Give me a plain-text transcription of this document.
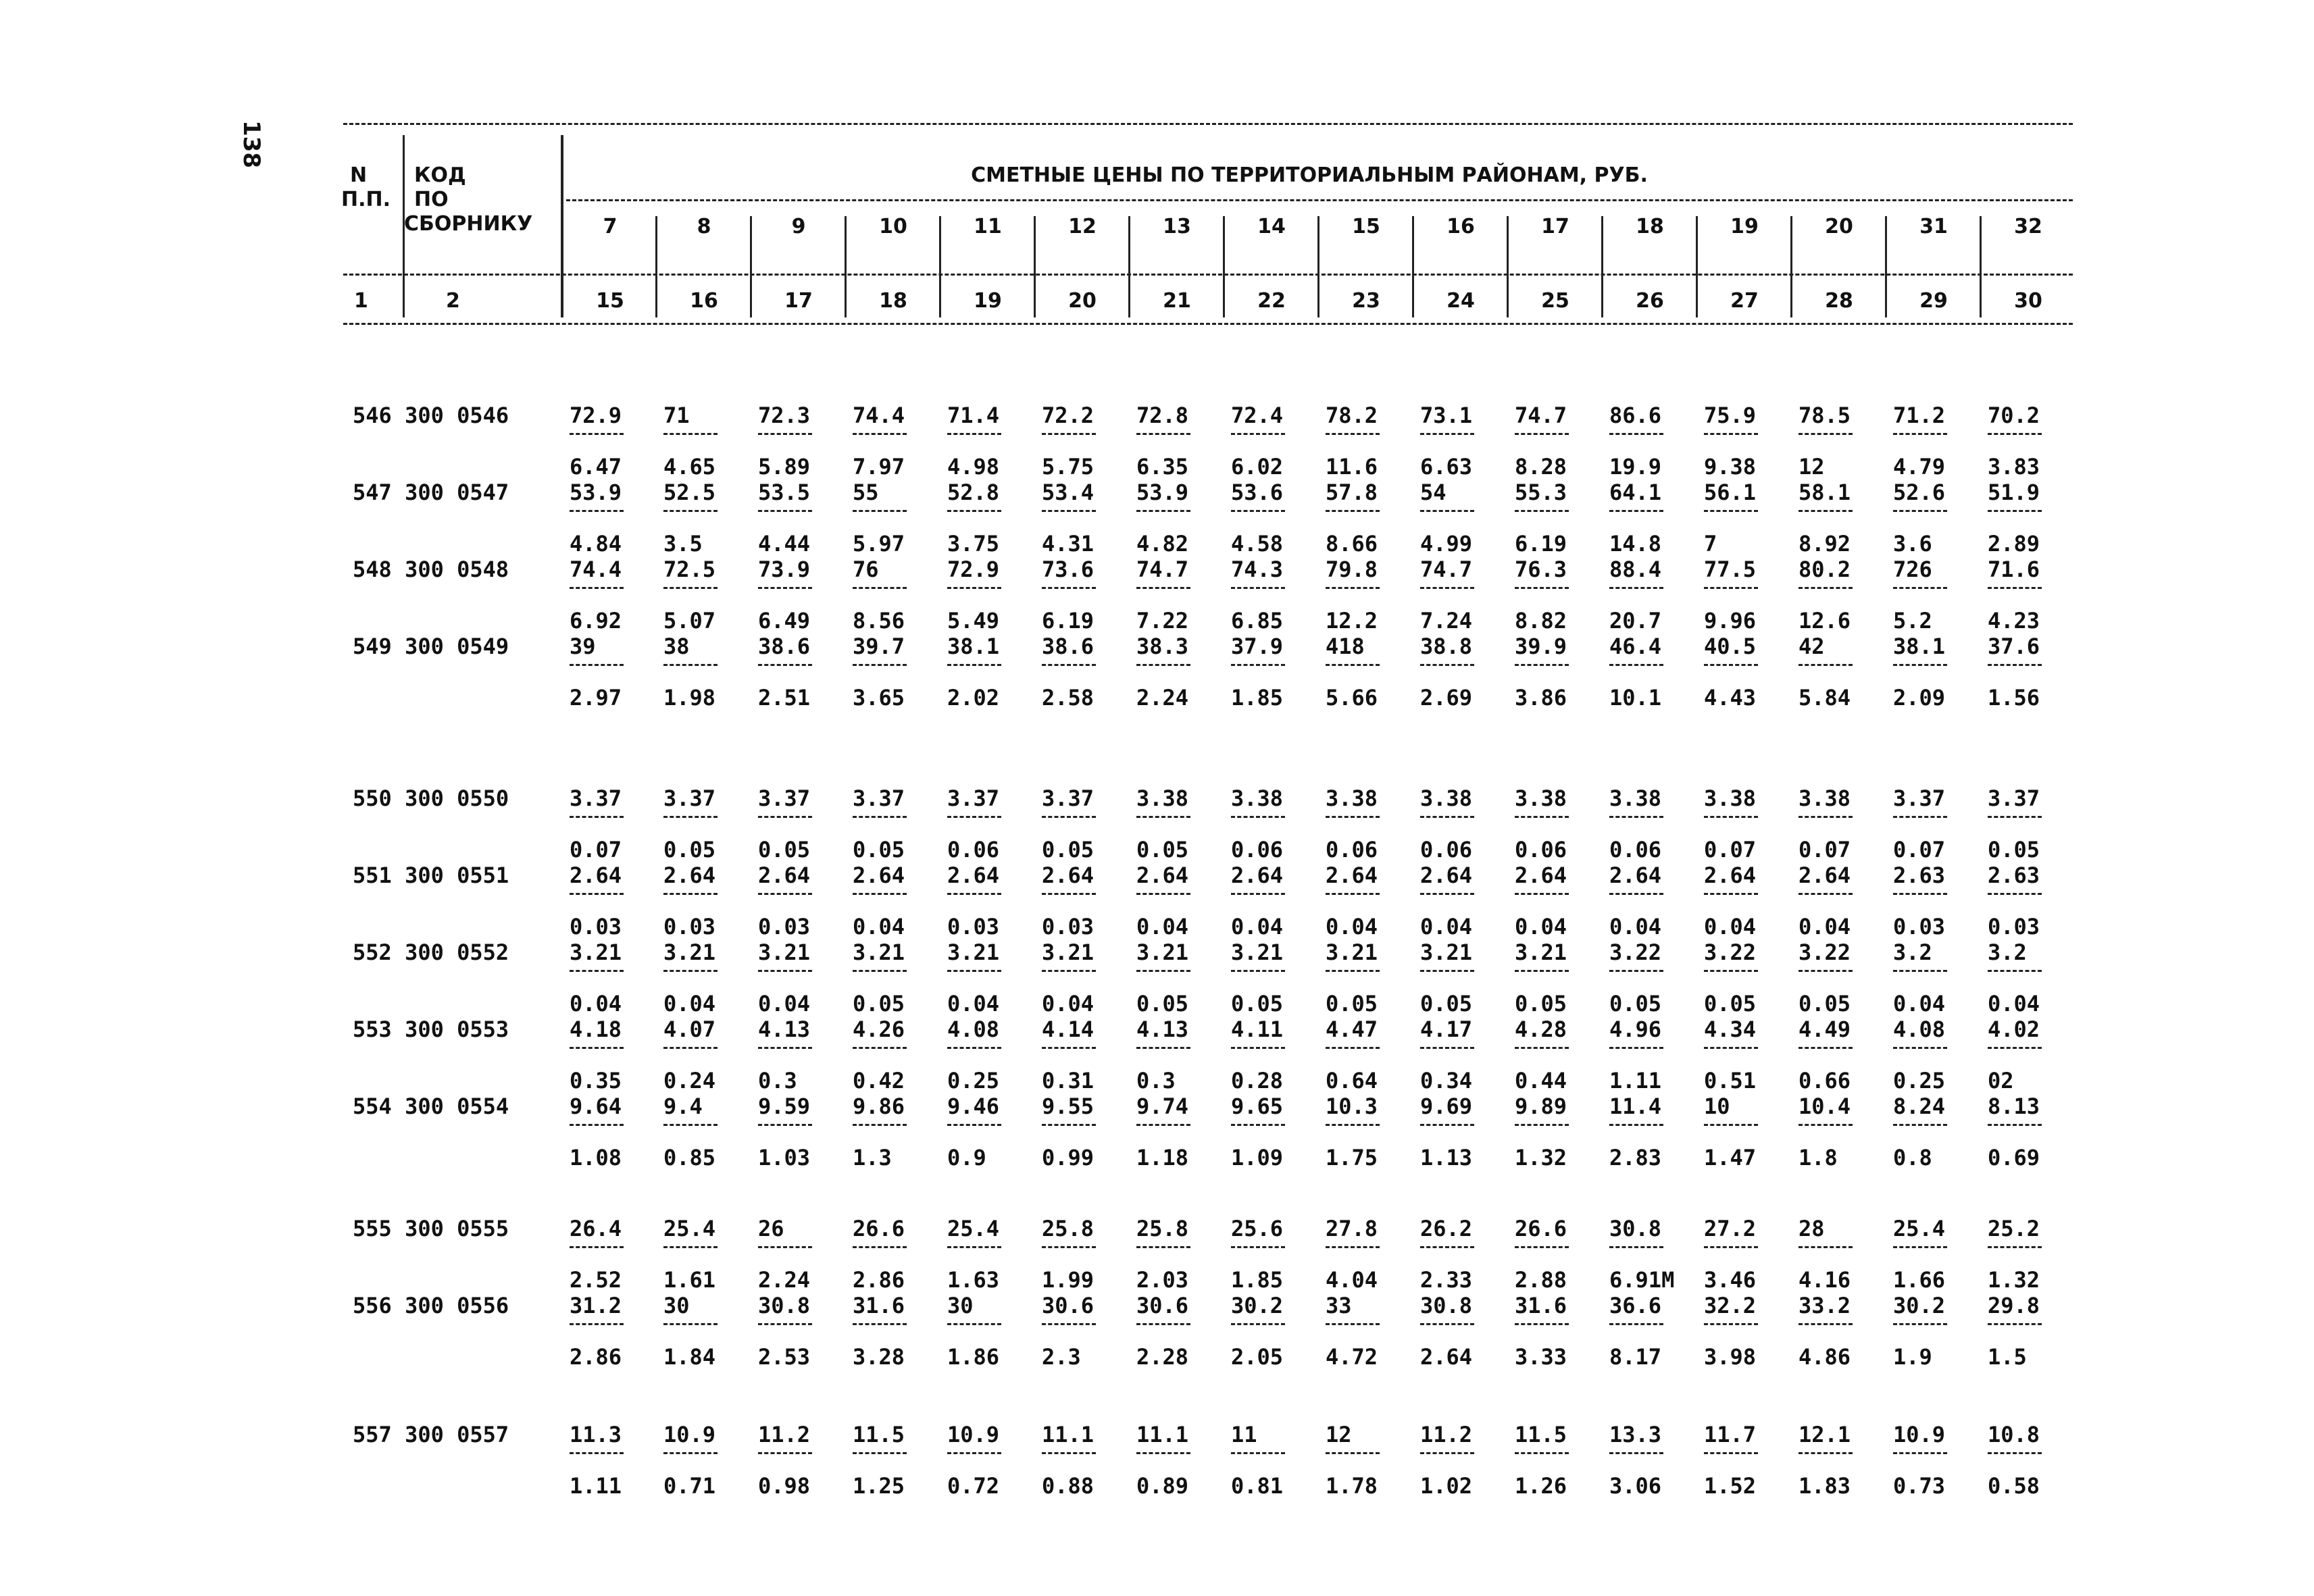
138
N
П.П.
КОД
ПО
СБОРНИКУ
СМЕТНЫЕ ЦЕНЫ ПО ТЕРРИТОРИАЛЬНЫМ РАЙОНАМ, РУБ.
1	2
7	8	9	10	11	12	13	14	15	16	17	18	19	20	31	32
15	16	17	18	19	20	21	22	23	24	25	26	27	28	29	30
546 300 0546	72.9 71	72.3 74.4 71.4 72.2 72.8 72.4 78.2 73.1 74.7 86.6 75.9 78.5 71.2 70.2
6.47 4.65 5.89 7.97 4.98 5.75 6.35 6.02 11.6 6.63 8.28 19.9 9.38 12	4.79 3.83
547 300 0547	53.9 52.5 53.5 55	52.8 53.4 53.9 53.6 57.8 54	55.3 64.1 56.1 58.1 52.6 51.9
4.84 3.5	4.44 5.97 3.75 4.31 4.82 4.58 8.66 4.99 6.19 14.8 7	8.92 3.6	2.89
548 300 0548	74.4 72.5 73.9 76	72.9 73.6 74.7 74.3 79.8 74.7 76.3 88.4 77.5 80.2 726	71.6
6.92 5.07 6.49 8.56 5.49 6.19 7.22 6.85 12.2 7.24 8.82 20.7 9.96 12.6 5.2	4.23
549 300 0549	39	38	38.6 39.7 38.1 38.6 38.3 37.9 418	38.8 39.9 46.4 40.5 42	38.1 37.6
2.97 1.98 2.51 3.65 2.02 2.58 2.24 1.85 5.66 2.69 3.86 10.1 4.43 5.84 2.09 1.56
550 300 0550	3.37 3.37 3.37 3.37 3.37 3.37 3.38 3.38 3.38 3.38 3.38 3.38 3.38 3.38 3.37 3.37
0.07 0.05 0.05 0.05 0.06 0.05 0.05 0.06 0.06 0.06 0.06 0.06 0.07 0.07 0.07 0.05
551 300 0551	2.64 2.64 2.64 2.64 2.64 2.64 2.64 2.64 2.64 2.64 2.64 2.64 2.64 2.64 2.63 2.63
0.03 0.03 0.03 0.04 0.03 0.03 0.04 0.04 0.04 0.04 0.04 0.04 0.04 0.04 0.03 0.03
552 300 0552	3.21 3.21 3.21 3.21 3.21 3.21 3.21 3.21 3.21 3.21 3.21 3.22 3.22 3.22 3.2	3.2
0.04 0.04 0.04 0.05 0.04 0.04 0.05 0.05 0.05 0.05 0.05 0.05 0.05 0.05 0.04 0.04
553 300 0553	4.18 4.07 4.13 4.26 4.08 4.14 4.13 4.11 4.47 4.17 4.28 4.96 4.34 4.49 4.08 4.02
0.35 0.24 0.3	0.42 0.25 0.31 0.3	0.28 0.64 0.34 0.44 1.11 0.51 0.66 0.25 02
554 300 0554	9.64 9.4	9.59 9.86 9.46 9.55 9.74 9.65 10.3 9.69 9.89 11.4 10	10.4 8.24 8.13
1.08 0.85 1.03 1.3	0.9	0.99 1.18 1.09 1.75 1.13 1.32 2.83 1.47 1.8	0.8	0.69
555 300 0555	26.4 25.4 26	26.6 25.4 25.8 25.8 25.6 27.8 26.2 26.6 30.8 27.2 28	25.4 25.2
2.52 1.61 2.24 2.86 1.63 1.99 2.03 1.85 4.04 2.33 2.88 6.91M 3.46 4.16 1.66 1.32
556 300 0556	31.2 30	30.8 31.6 30	30.6 30.6 30.2 33	30.8 31.6 36.6 32.2 33.2 30.2 29.8
2.86 1.84 2.53 3.28 1.86 2.3	2.28 2.05 4.72 2.64 3.33 8.17 3.98 4.86 1.9	1.5
557 300 0557	11.3 10.9 11.2 11.5 10.9 11.1 11.1 11	12	11.2 11.5 13.3 11.7 12.1 10.9 10.8
1.11 0.71 0.98 1.25 0.72 0.88 0.89 0.81 1.78 1.02 1.26 3.06 1.52 1.83 0.73 0.58
